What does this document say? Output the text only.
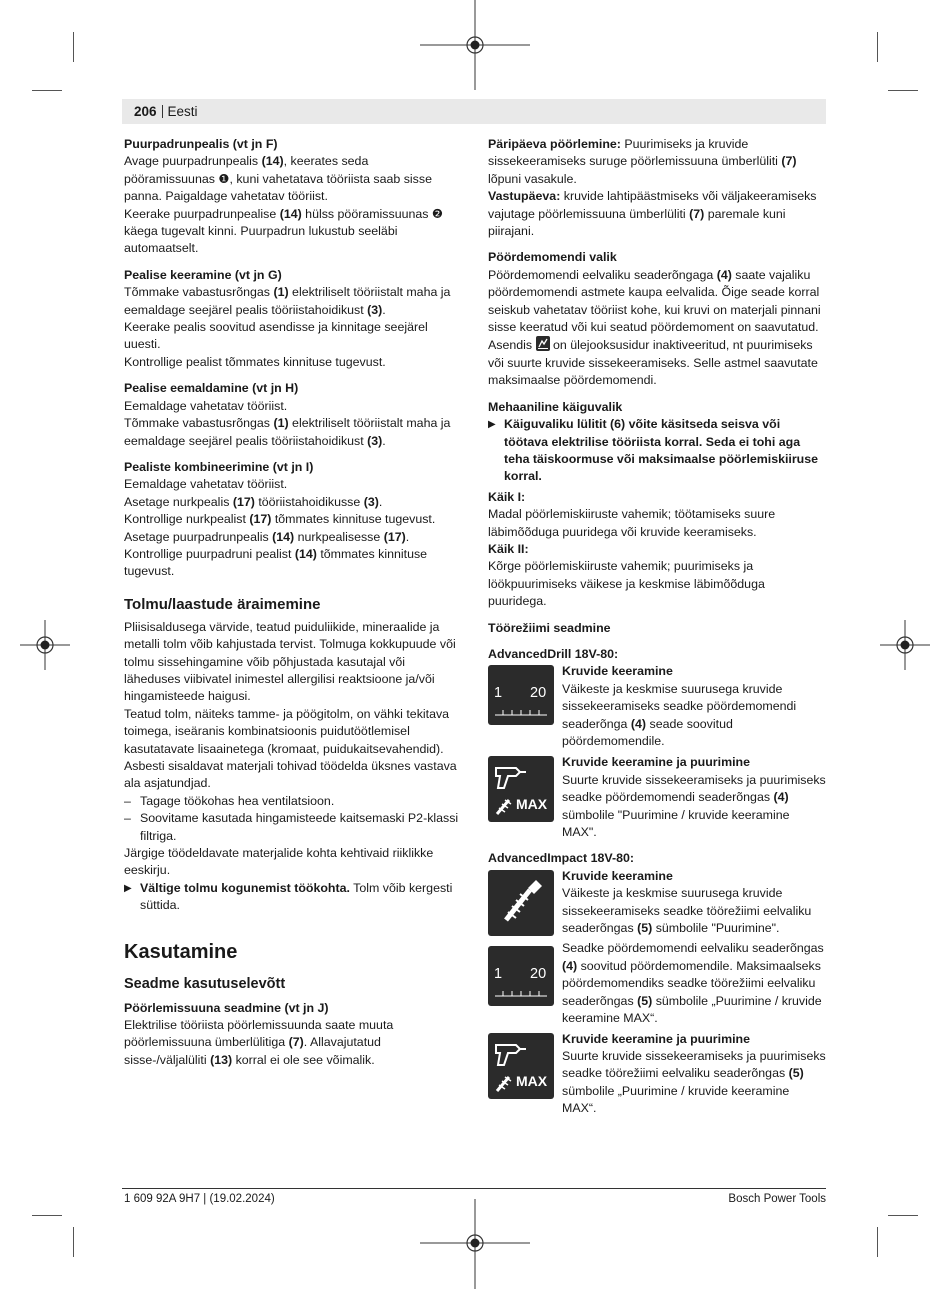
206 Eesti

Puurpadrunpealis (vt jn F)

Avage puurpadrunpealis (14), keerates seda pööramissuunas ❶, kuni vahetatava tööriista saab sisse panna. Paigaldage vahetatav tööriist.

Keerake puurpadrunpealise (14) hülss pööramissuunas ❷ käega tugevalt kinni. Puurpadrun lukustub seeläbi automaatselt.

Pealise keeramine (vt jn G)

Tõmmake vabastusrõngas (1) elektriliselt tööriistalt maha ja eemaldage seejärel pealis tööriistahoidikust (3).

Keerake pealis soovitud asendisse ja kinnitage seejärel uuesti.

Kontrollige pealist tõmmates kinnituse tugevust.

Pealise eemaldamine (vt jn H)

Eemaldage vahetatav tööriist.

Tõmmake vabastusrõngas (1) elektriliselt tööriistalt maha ja eemaldage seejärel pealis tööriistahoidikust (3).

Pealiste kombineerimine (vt jn I)

Eemaldage vahetatav tööriist.

Asetage nurkpealis (17) tööriistahoidikusse (3).

Kontrollige nurkpealist (17) tõmmates kinnituse tugevust.

Asetage puurpadrunpealis (14) nurkpealisesse (17).

Kontrollige puurpadruni pealist (14) tõmmates kinnituse tugevust.

Tolmu/laastude äraimemine

Pliisisaldusega värvide, teatud puiduliikide, mineraalide ja metalli tolm võib kahjustada tervist. Tolmuga kokkupuude või tolmu sissehingamine võib põhjustada kasutajal või läheduses viibivatel inimestel allergilisi reaktsioone ja/või hingamisteede haigusi.

Teatud tolm, näiteks tamme- ja pöögitolm, on vähki tekitava toimega, iseäranis kombinatsioonis puidutöötlemisel kasutatavate lisaainetega (kromaat, puidukaitsevahendid). Asbesti sisaldavat materjali tohivad töödelda üksnes vastava ala asjatundjad.

– Tagage töökohas hea ventilatsioon.

– Soovitame kasutada hingamisteede kaitsemaski P2-klassi filtriga.

Järgige töödeldavate materjalide kohta kehtivaid riiklikke eeskirju.

▶ Vältige tolmu kogunemist töökohta. Tolm võib kergesti süttida.

Kasutamine

Seadme kasutuselevõtt

Pöörlemissuuna seadmine (vt jn J)

Elektrilise tööriista pöörlemissuunda saate muuta pöörlemissuuna ümberlülitiga (7). Allavajutatud sisse-/väljalüliti (13) korral ei ole see võimalik.

Päripäeva pöörlemine: Puurimiseks ja kruvide sissekeeramiseks suruge pöörlemissuuna ümberlüliti (7) lõpuni vasakule.

Vastupäeva: kruvide lahtipäästmiseks või väljakeeramiseks vajutage pöörlemissuuna ümberlüliti (7) paremale kuni piirajani.

Pöördemomendi valik

Pöördemomendi eelvaliku seaderõngaga (4) saate vajaliku pöördemomendi astmete kaupa eelvalida. Õige seade korral seiskub vahetatav tööriist kohe, kui kruvi on materjali pinnani sisse keeratud või kui seatud pöördemoment on saavutatud. Asendis  on ülejooksusidur inaktiveeritud, nt puurimiseks või suurte kruvide sissekeeramiseks. Selle astmel saavutate maksimaalse pöördemomendi.

Mehaaniline käiguvalik

▶ Käiguvaliku lülitit (6) võite käsitseda seisva või töötava elektrilise tööriista korral. Seda ei tohi aga teha täiskoormuse või maksimaalse pöörlemiskiiruse korral.

Käik I:

Madal pöörlemiskiiruste vahemik; töötamiseks suure läbimõõduga puuridega või kruvide keeramiseks.

Käik II:

Kõrge pöörlemiskiiruste vahemik; puurimiseks ja löökpuurimiseks väikese ja keskmise läbimõõduga puuridega.

Töörežiimi seadmine

AdvancedDrill 18V-80:

1 20

Kruvide keeramine

Väikeste ja keskmise suurusega kruvide sissekeeramiseks seadke pöördemomendi seaderõnga (4) seade soovitud pöördemomendile.

MAX

Kruvide keeramine ja puurimine

Suurte kruvide sissekeeramiseks ja puurimiseks seadke pöördemomendi seaderõngas (4) sümbolile "Puurimine / kruvide keeramine MAX".

AdvancedImpact 18V-80:

Kruvide keeramine

Väikeste ja keskmise suurusega kruvide sissekeeramiseks seadke töörežiimi eelvaliku seaderõngas (5) sümbolile "Puurimine".

1 20

Seadke pöördemomendi eelvaliku seaderõngas (4) soovitud pöördemomendile. Maksimaalseks pöördemomendiks seadke töörežiimi eelvaliku seaderõngas (5) sümbolile „Puurimine / kruvide keeramine MAX“.

MAX

Kruvide keeramine ja puurimine

Suurte kruvide sissekeeramiseks ja puurimiseks seadke töörežiimi eelvaliku seaderõngas (5) sümbolile „Puurimine / kruvide keeramine MAX“.

1 609 92A 9H7 | (19.02.2024)	Bosch Power Tools
